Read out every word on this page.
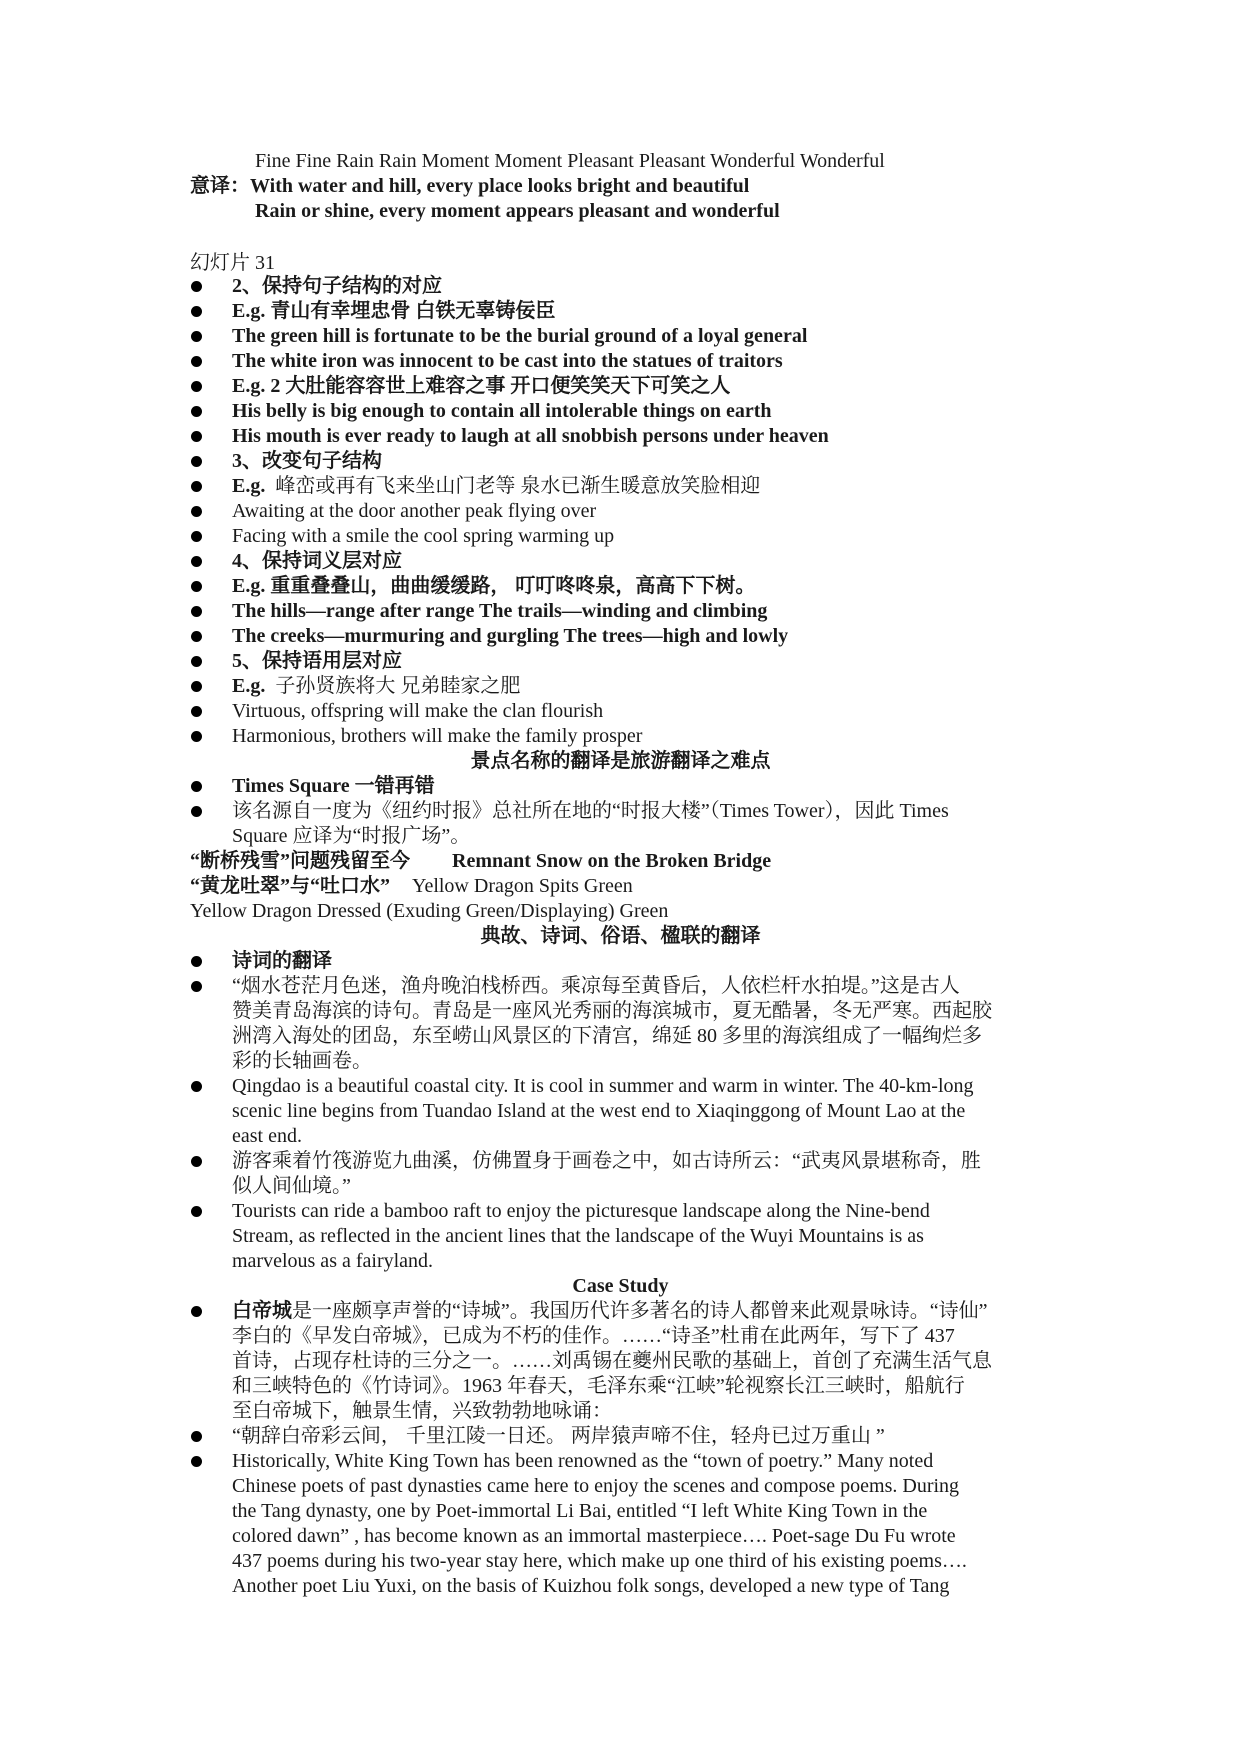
Fine Fine Rain Rain Moment Moment Pleasant Pleasant Wonderful Wonderful
意译：With water and hill, every place looks bright and beautiful
Rain or shine, every moment appears pleasant and wonderful
幻灯片 31
2、保持句子结构的对应
E.g. 青山有幸埋忠骨 白铁无辜铸佞臣
The green hill is fortunate to be the burial ground of a loyal general
The white iron was innocent to be cast into the statues of traitors
E.g. 2 大肚能容容世上难容之事 开口便笑笑天下可笑之人
His belly is big enough to contain all intolerable things on earth
His mouth is ever ready to laugh at all snobbish persons under heaven
3、改变句子结构
E.g. 峰峦或再有飞来坐山门老等 泉水已渐生暖意放笑脸相迎
Awaiting at the door another peak flying over
Facing with a smile the cool spring warming up
4、保持词义层对应
E.g. 重重叠叠山，曲曲缓缓路， 叮叮咚咚泉，高高下下树。
The hills—range after range The trails—winding and climbing
The creeks—murmuring and gurgling The trees—high and lowly
5、保持语用层对应
E.g. 子孙贤族将大 兄弟睦家之肥
Virtuous, offspring will make the clan flourish
Harmonious, brothers will make the family prosper
景点名称的翻译是旅游翻译之难点
Times Square 一错再错
该名源自一度为《纽约时报》总社所在地的“时报大楼”（Times Tower），因此 Times
Square 应译为“时报广场”。
“断桥残雪”问题残留至今 Remnant Snow on the Broken Bridge
“黄龙吐翠”与“吐口水” Yellow Dragon Spits Green
Yellow Dragon Dressed (Exuding Green/Displaying) Green
典故、诗词、俗语、楹联的翻译
诗词的翻译
“烟水苍茫月色迷，渔舟晚泊栈桥西。乘凉每至黄昏后，人依栏杆水拍堤。”这是古人
赞美青岛海滨的诗句。青岛是一座风光秀丽的海滨城市，夏无酷暑，冬无严寒。西起胶
洲湾入海处的团岛，东至崂山风景区的下清宫，绵延 80 多里的海滨组成了一幅绚烂多
彩的长轴画卷。
Qingdao is a beautiful coastal city. It is cool in summer and warm in winter. The 40-km-long
scenic line begins from Tuandao Island at the west end to Xiaqinggong of Mount Lao at the
east end.
游客乘着竹筏游览九曲溪，仿佛置身于画卷之中，如古诗所云：“武夷风景堪称奇，胜
似人间仙境。”
Tourists can ride a bamboo raft to enjoy the picturesque landscape along the Nine-bend
Stream, as reflected in the ancient lines that the landscape of the Wuyi Mountains is as
marvelous as a fairyland.
Case Study
白帝城是一座颇享声誉的“诗城”。我国历代许多著名的诗人都曾来此观景咏诗。“诗仙”
李白的《早发白帝城》，已成为不朽的佳作。……“诗圣”杜甫在此两年，写下了 437
首诗，占现存杜诗的三分之一。……刘禹锡在夔州民歌的基础上，首创了充满生活气息
和三峡特色的《竹诗词》。1963 年春天，毛泽东乘“江峡”轮视察长江三峡时，船航行
至白帝城下，触景生情，兴致勃勃地咏诵：
“朝辞白帝彩云间， 千里江陵一日还。 两岸猿声啼不住，轻舟已过万重山 ”
Historically, White King Town has been renowned as the “town of poetry.” Many noted
Chinese poets of past dynasties came here to enjoy the scenes and compose poems. During
the Tang dynasty, one by Poet-immortal Li Bai, entitled “I left White King Town in the
colored dawn” , has become known as an immortal masterpiece…. Poet-sage Du Fu wrote
437 poems during his two-year stay here, which make up one third of his existing poems….
Another poet Liu Yuxi, on the basis of Kuizhou folk songs, developed a new type of Tang
